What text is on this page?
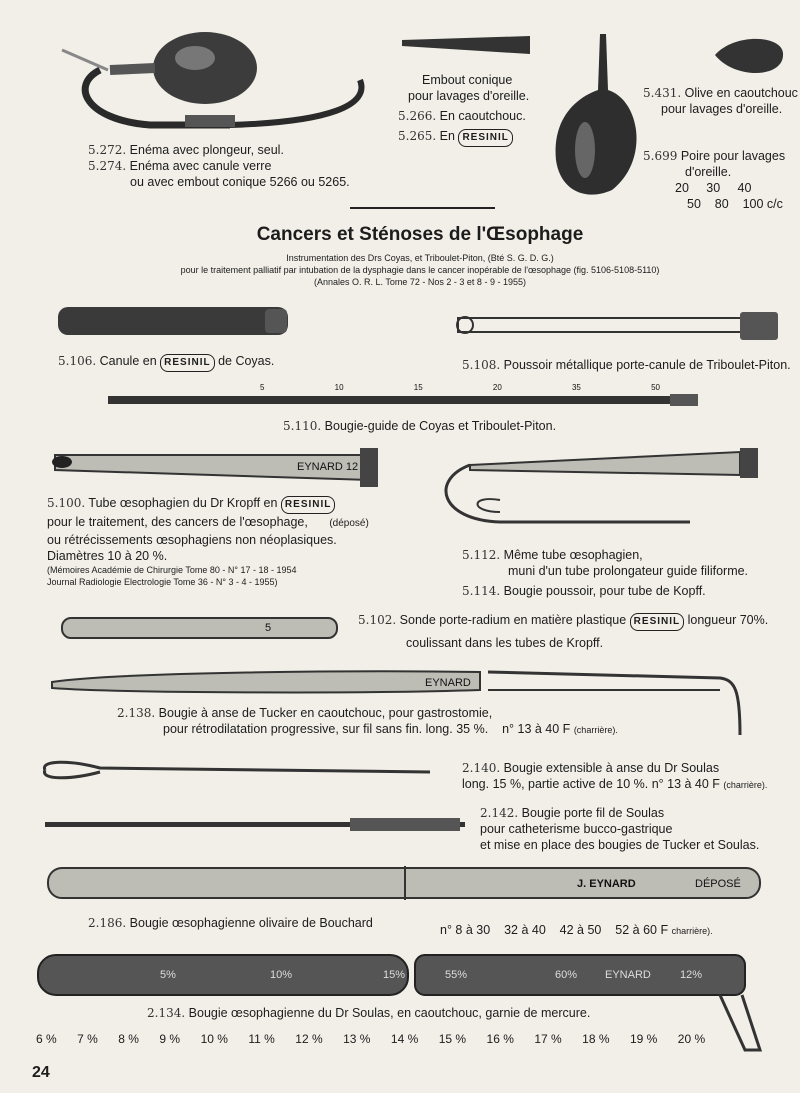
EYNARD 12
EYNARD
J. EYNARD	DÉPOSÉ
5%	10%	15%	55%	60%	EYNARD	12%
5
5	10	15	20	35	50
5.272. Enéma avec plongeur, seul.
5.274. Enéma avec canule verre
ou avec embout conique 5266 ou 5265.
Embout conique
pour lavages d'oreille.
5.266. En caoutchouc.
5.265. En RESINIL
5.431. Olive en caoutchouc
pour lavages d'oreille.
5.699 Poire pour lavages
d'oreille.
20     30     40
50    80    100 c/c
Cancers et Sténoses de l'Œsophage
Instrumentation des Drs Coyas, et Triboulet-Piton, (Bté S. G. D. G.)
pour le traitement palliatif par intubation de la dysphagie dans le cancer inopérable de l'œsophage (fig. 5106-5108-5110)
(Annales O. R. L. Tome 72 - Nos 2 - 3 et 8 - 9 - 1955)
5.106. Canule en RESINIL de Coyas.	5.108. Poussoir métallique porte-canule de Triboulet-Piton.
5.110. Bougie-guide de Coyas et Triboulet-Piton.
5.100. Tube œsophagien du Dr Kropff en RESINIL
pour le traitement, des cancers de l'œsophage, (déposé)
ou rétrécissements œsophagiens non néoplasiques.
Diamètres 10 à 20 %.
(Mémoires Académie de Chirurgie Tome 80 - N° 17 - 18 - 1954
Journal Radiologie Electrologie Tome 36 - N° 3 - 4 - 1955)
5.112. Même tube œsophagien,
muni d'un tube prolongateur guide filiforme.
5.114. Bougie poussoir, pour tube de Kopff.
5.102. Sonde porte-radium en matière plastique RESINIL longueur 70%.
coulissant dans les tubes de Kropff.
2.138. Bougie à anse de Tucker en caoutchouc, pour gastrostomie,
pour rétrodilatation progressive, sur fil sans fin. long. 35 %. n° 13 à 40 F (charrière).
2.140. Bougie extensible à anse du Dr Soulas
long. 15 %, partie active de 10 %. n° 13 à 40 F (charrière).
2.142. Bougie porte fil de Soulas
pour catheterisme bucco-gastrique
et mise en place des bougies de Tucker et Soulas.
2.186. Bougie œsophagienne olivaire de Bouchard	n° 8 à 30    32 à 40    42 à 50    52 à 60 F charrière).
2.134. Bougie œsophagienne du Dr Soulas, en caoutchouc, garnie de mercure.
6 % 7 % 8 % 9 % 10 % 11 % 12 % 13 % 14 % 15 % 16 % 17 % 18 % 19 % 20 %
24
